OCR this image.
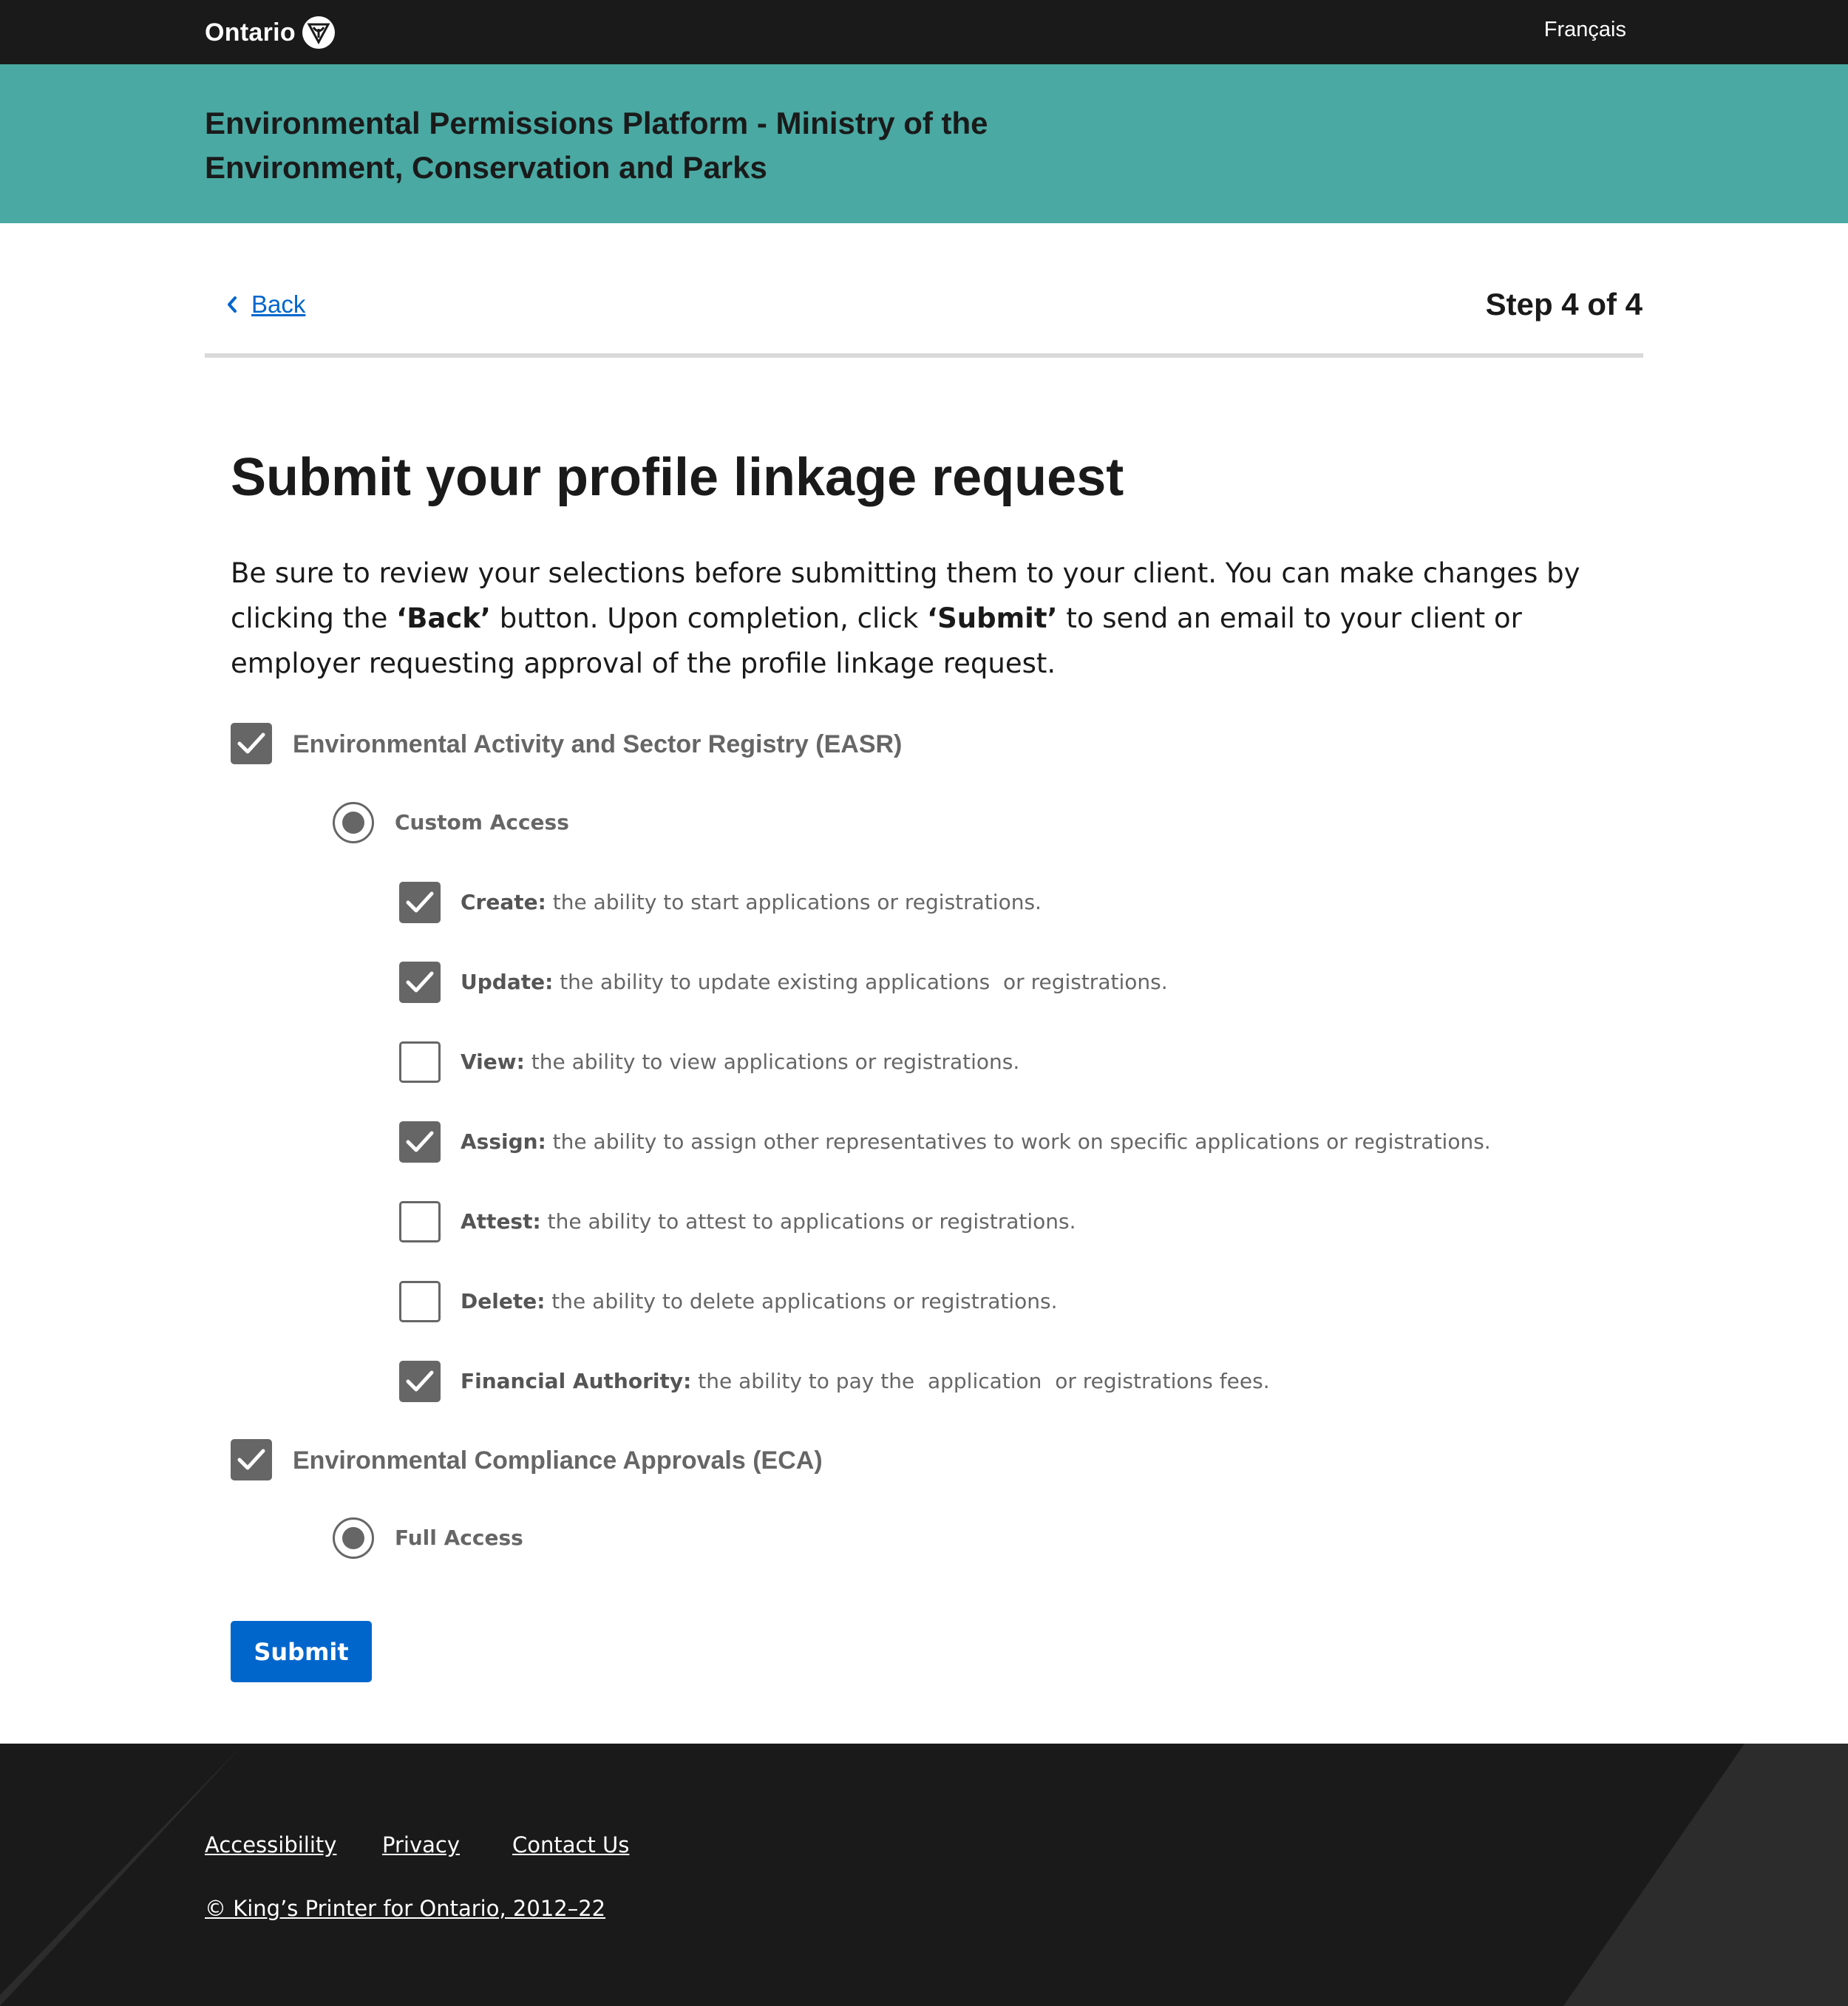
Ontario	Français
Environmental Permissions Platform - Ministry of the Environment, Conservation and Parks
Back	Step 4 of 4
Submit your profile linkage request

Be sure to review your selections before submitting them to your client. You can make changes by clicking the ‘Back’ button. Upon completion, click ‘Submit’ to send an email to your client or employer requesting approval of the profile linkage request.

Environmental Activity and Sector Registry (EASR)
Custom Access
Create: the ability to start applications or registrations.
Update: the ability to update existing applications  or registrations.
View: the ability to view applications or registrations.
Assign: the ability to assign other representatives to work on specific applications or registrations.
Attest: the ability to attest to applications or registrations.
Delete: the ability to delete applications or registrations.
Financial Authority: the ability to pay the  application  or registrations fees.
Environmental Compliance Approvals (ECA)
Full Access
Submit
Accessibility Privacy Contact Us
© King’s Printer for Ontario, 2012–22
